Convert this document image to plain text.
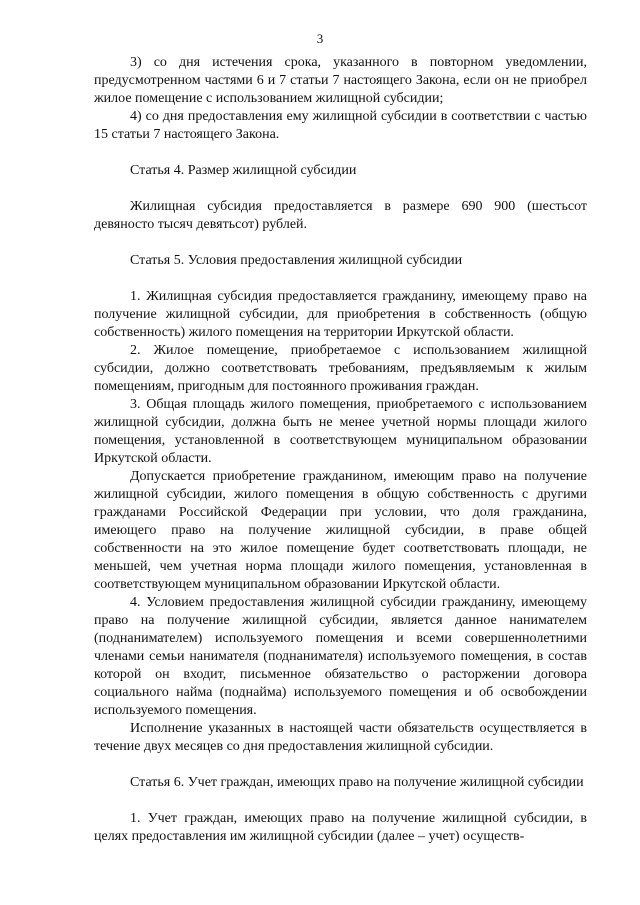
3

3) со дня истечения срока, указанного в повторном уведомлении, предусмотренном частями 6 и 7 статьи 7 настоящего Закона, если он не приобрел жилое помещение с использованием жилищной субсидии;

4) со дня предоставления ему жилищной субсидии в соответствии с частью 15 статьи 7 настоящего Закона.

Статья 4. Размер жилищной субсидии

Жилищная субсидия предоставляется в размере 690 900 (шестьсот девяносто тысяч девятьсот) рублей.

Статья 5. Условия предоставления жилищной субсидии

1. Жилищная субсидия предоставляется гражданину, имеющему право на получение жилищной субсидии, для приобретения в собственность (общую собственность) жилого помещения на территории Иркутской области.

2. Жилое помещение, приобретаемое с использованием жилищной субсидии, должно соответствовать требованиям, предъявляемым к жилым помещениям, пригодным для постоянного проживания граждан.

3. Общая площадь жилого помещения, приобретаемого с использованием жилищной субсидии, должна быть не менее учетной нормы площади жилого помещения, установленной в соответствующем муниципальном образовании Иркутской области.

Допускается приобретение гражданином, имеющим право на получение жилищной субсидии, жилого помещения в общую собственность с другими гражданами Российской Федерации при условии, что доля гражданина, имеющего право на получение жилищной субсидии, в праве общей собственности на это жилое помещение будет соответствовать площади, не меньшей, чем учетная норма площади жилого помещения, установленная в соответствующем муниципальном образовании Иркутской области.

4. Условием предоставления жилищной субсидии гражданину, имеющему право на получение жилищной субсидии, является данное нанимателем (поднанимателем) используемого помещения и всеми совершеннолетними членами семьи нанимателя (поднанимателя) используемого помещения, в состав которой он входит, письменное обязательство о расторжении договора социального найма (поднайма) используемого помещения и об освобождении используемого помещения.

Исполнение указанных в настоящей части обязательств осуществляется в течение двух месяцев со дня предоставления жилищной субсидии.

Статья 6. Учет граждан, имеющих право на получение жилищной субсидии

1. Учет граждан, имеющих право на получение жилищной субсидии, в целях предоставления им жилищной субсидии (далее – учет) осуществ-
